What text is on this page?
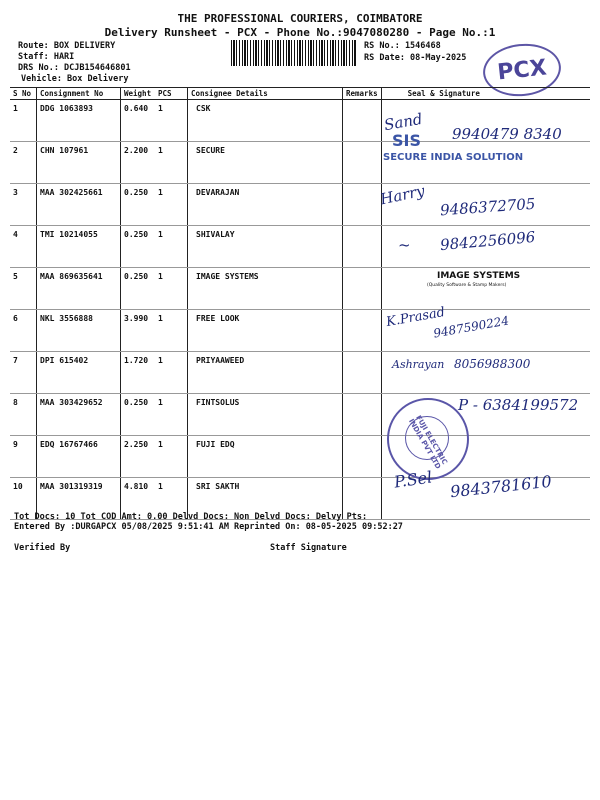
THE PROFESSIONAL COURIERS, COIMBATORE
Delivery Runsheet - PCX - Phone No.:9047080280 - Page No.:1
Route: BOX DELIVERY
Staff: HARI
DRS No.: DCJB154646801
Vehicle: Box Delivery
RS No.: 1546468
RS Date: 08-May-2025 PCX
S No	Consignment No	Weight	PCS	Consignee Details	Remarks	Seal & Signature
1	DDG 1063893	0.640	1	CSK		
2	CHN 107961	2.200	1	SECURE		
3	MAA 302425661	0.250	1	DEVARAJAN		
4	TMI 10214055	0.250	1	SHIVALAY		
5	MAA 869635641	0.250	1	IMAGE SYSTEMS		
6	NKL 3556888	3.990	1	FREE LOOK		
7	DPI 615402	1.720	1	PRIYAAWEED		
8	MAA 303429652	0.250	1	FINTSOLUS		
9	EDQ 16767466	2.250	1	FUJI EDQ		
10	MAA 301319319	4.810	1	SRI SAKTH		
Sand 9940479 8340
SIS
SECURE INDIA SOLUTION
Harry 9486372705
~ 9842256096
IMAGE SYSTEMS
(Quality Software & Stamp Makers)
K.Prasad
9487590224
Ashrayan 8056988300
P - 6384199572
FUJI ELECTRIC INDIA PVT LTD
P.Sel 9843781610
Tot Docs: 10 Tot COD Amt: 0.00 Delvd Docs: Non Delvd Docs: Delvy Pts:
Entered By :DURGAPCX 05/08/2025 9:51:41 AM Reprinted On: 08-05-2025 09:52:27
Verified By	Staff Signature
